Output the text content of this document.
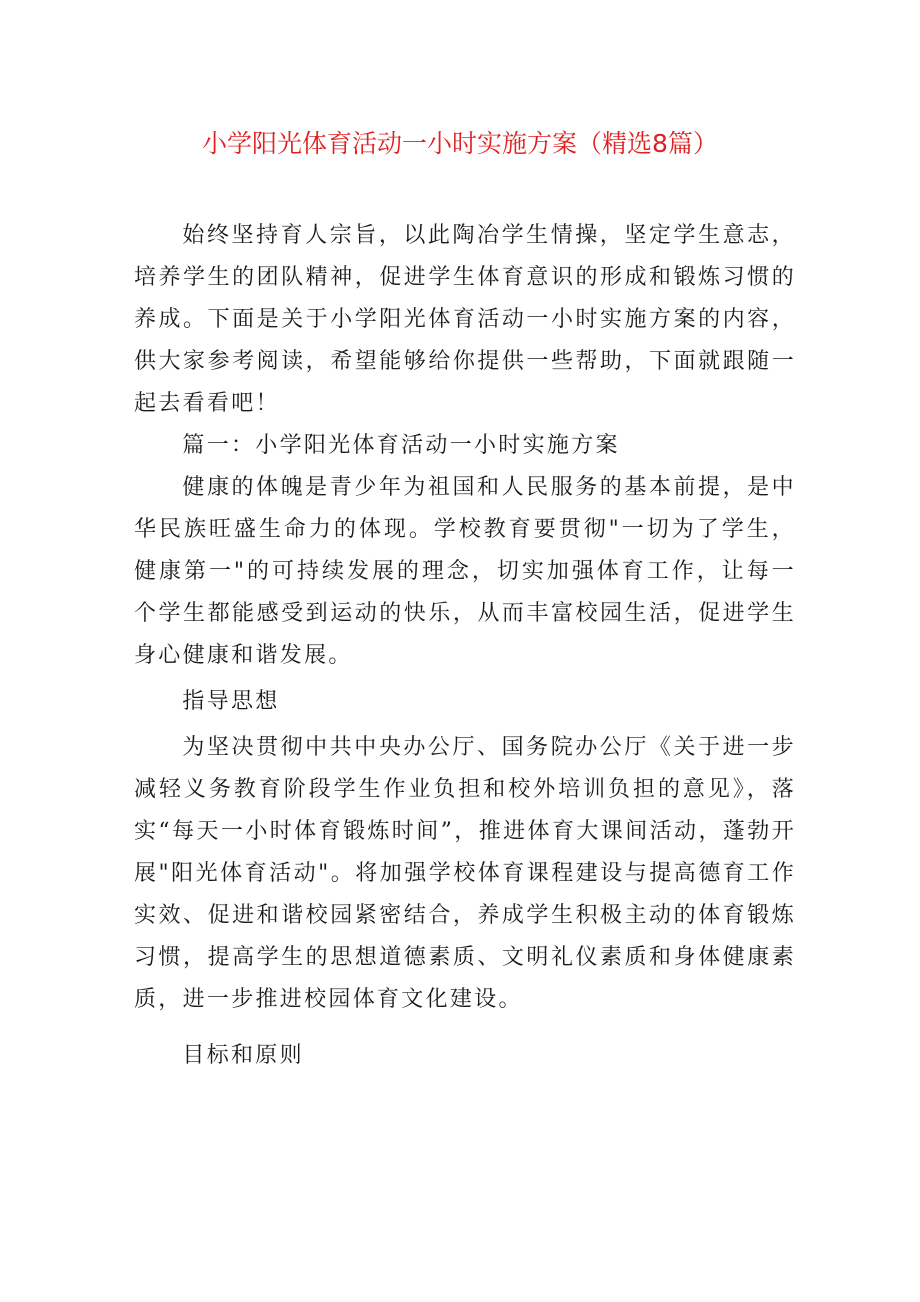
小学阳光体育活动一小时实施方案（精选8篇）

始终坚持育人宗旨，以此陶冶学生情操，坚定学生意志，培养学生的团队精神，促进学生体育意识的形成和锻炼习惯的养成。下面是关于小学阳光体育活动一小时实施方案的内容，供大家参考阅读，希望能够给你提供一些帮助，下面就跟随一起去看看吧！

篇一：小学阳光体育活动一小时实施方案

健康的体魄是青少年为祖国和人民服务的基本前提，是中华民族旺盛生命力的体现。学校教育要贯彻"一切为了学生，健康第一"的可持续发展的理念，切实加强体育工作，让每一个学生都能感受到运动的快乐，从而丰富校园生活，促进学生身心健康和谐发展。

指导思想

为坚决贯彻中共中央办公厅、国务院办公厅《关于进一步减轻义务教育阶段学生作业负担和校外培训负担的意见》，落实“每天一小时体育锻炼时间”，推进体育大课间活动，蓬勃开展"阳光体育活动"。将加强学校体育课程建设与提高德育工作实效、促进和谐校园紧密结合，养成学生积极主动的体育锻炼习惯，提高学生的思想道德素质、文明礼仪素质和身体健康素质，进一步推进校园体育文化建设。

目标和原则
